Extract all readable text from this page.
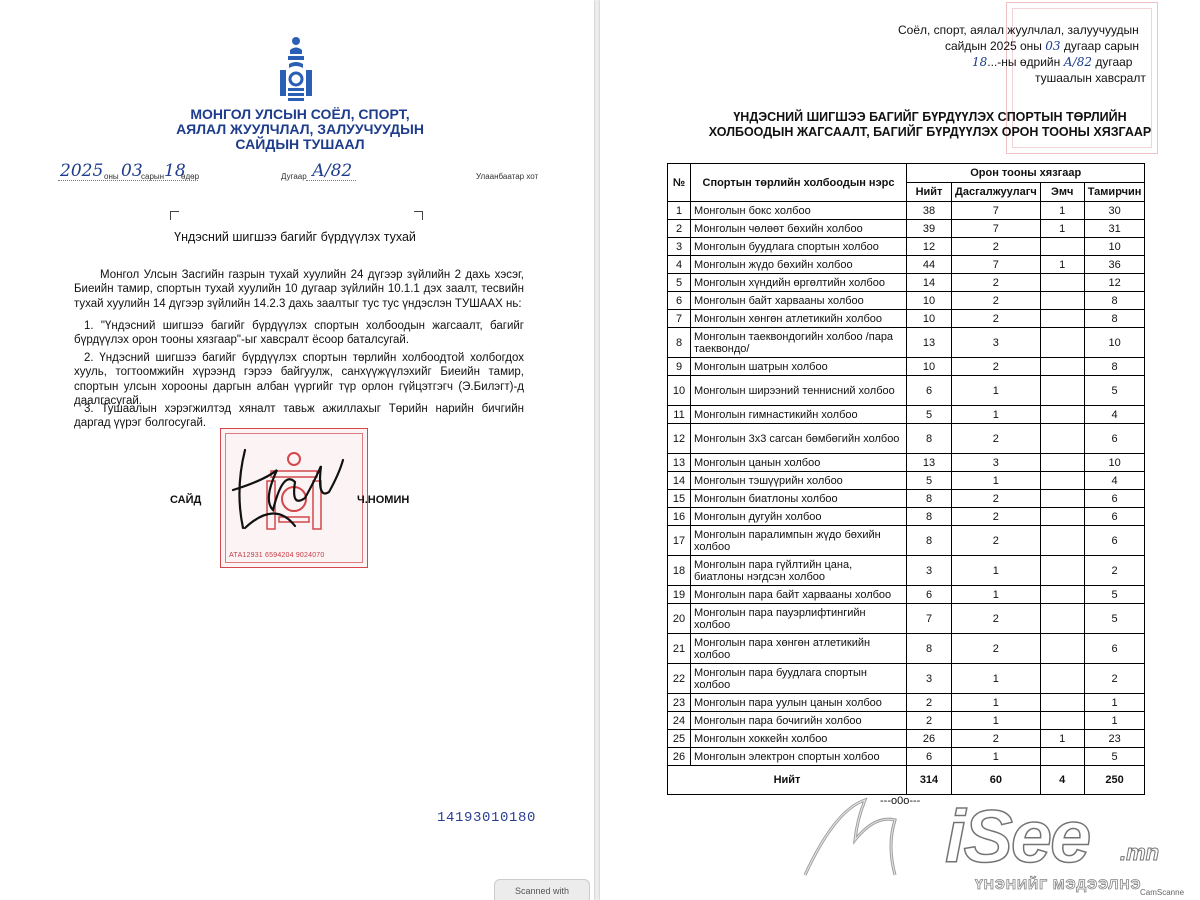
МОНГОЛ УЛСЫН СОЁЛ, СПОРТ,
АЯЛАЛ ЖУУЛЧЛАЛ, ЗАЛУУЧУУДЫН
САЙДЫН ТУШААЛ
2025 оны 03
сарын 18
өдөр	Дугаар А/82	Улаанбаатар хот
Үндэсний шигшээ багийг бүрдүүлэх тухай
Монгол Улсын Засгийн газрын тухай хуулийн 24 дүгээр зүйлийн 2 дахь хэсэг, Биеийн тамир, спортын тухай хуулийн 10 дугаар зүйлийн 10.1.1 дэх заалт, тесвийн тухай хуулийн 14 дүгээр зүйлийн 14.2.3 дахь заалтыг тус тус үндэслэн ТУШААХ нь:
1. "Үндэсний шигшээ багийг бүрдүүлэх спортын холбоодын жагсаалт, багийг бүрдүүлэх орон тооны хязгаар"-ыг хавсралт ёсоор баталсугай.
2. Үндэсний шигшээ багийг бүрдүүлэх спортын төрлийн холбоодтой холбогдох хууль, тогтоомжийн хүрээнд гэрээ байгуулж, санхүүжүүлэхийг Биеийн тамир, спортын улсын хорооны даргын албан үүргийг түр орлон гүйцэтгэгч (Э.Билэгт)-д даалгасугай.
3. Тушаалын хэрэгжилтэд хяналт тавьж ажиллахыг Төрийн нарийн бичгийн даргад үүрэг болгосугай.
АТА12931 6594204 9024070
САЙД	Ч.НОМИН
14193010180
Scanned with
Соёл, спорт, аялал жуулчлал, залуучуудын
сайдын 2025 оны 03 дугаар сарын
18...-ны өдрийн А/82 дугаар
тушаалын хавсралт
ҮНДЭСНИЙ ШИГШЭЭ БАГИЙГ БҮРДҮҮЛЭХ СПОРТЫН ТӨРЛИЙН
ХОЛБООДЫН ЖАГСААЛТ, БАГИЙГ БҮРДҮҮЛЭХ ОРОН ТООНЫ ХЯЗГААР
№	Спортын төрлийн холбоодын нэрс	Орон тооны хязгаар			
		Нийт	Дасгалжуулагч	Эмч	Тамирчин
1	Монголын бокс холбоо	38	7	1	30
2	Монголын чөлөөт бөхийн холбоо	39	7	1	31
3	Монголын буудлага спортын холбоо	12	2		10
4	Монголын жүдо бөхийн холбоо	44	7	1	36
5	Монголын хүндийн өргөлтийн холбоо	14	2		12
6	Монголын байт харвааны холбоо	10	2		8
7	Монголын хөнгөн атлетикийн холбоо	10	2		8
8	Монголын таеквондогийн холбоо /пара таеквондо/	13	3		10
9	Монголын шатрын холбоо	10	2		8
10	Монголын ширээний теннисний холбоо	6	1		5
11	Монголын гимнастикийн холбоо	5	1		4
12	Монголын 3х3 сагсан бөмбөгийн холбоо	8	2		6
13	Монголын цанын холбоо	13	3		10
14	Монголын тэшүүрийн холбоо	5	1		4
15	Монголын биатлоны холбоо	8	2		6
16	Монголын дугуйн холбоо	8	2		6
17	Монголын паралимпын жүдо бөхийн холбоо	8	2		6
18	Монголын пара гүйлтийн цана, биатлоны нэгдсэн холбоо	3	1		2
19	Монголын пара байт харваaны холбоо	6	1		5
20	Монголын пара пауэрлифтингийн холбоо	7	2		5
21	Монголын пара хөнгөн атлетикийн холбоо	8	2		6
22	Монголын пара буудлага спортын холбоо	3	1		2
23	Монголын пара уулын цанын холбоо	2	1		1
24	Монголын пара бочигийн холбоо	2	1		1
25	Монголын хоккейн холбоо	26	2	1	23
26	Монголын электрон спортын холбоо	6	1		5
Нийт		314	60	4	250
---o0o--- iSee .mn
ҮНЭНИЙГ МЭДЭЭЛНЭ
CamScanne
